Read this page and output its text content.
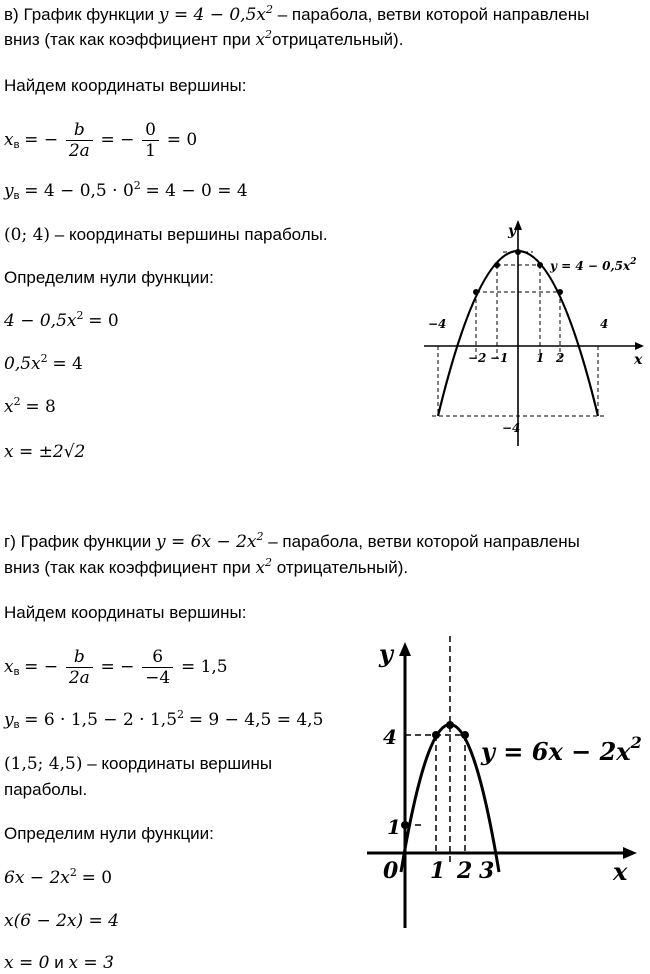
в) График функции $y = 4 - 0,5x^2$ – парабола, ветви которой направлены
вниз (так как коэффициент при $x^2отрицательный$).
Найдем координаты вершины:
$x_в$ = − $\frac{b}{2a}$ = − $\frac{0}{1} = 0$
$y_в = 4 - 0,5 \cdot 0^2 = 4 - 0 = 4$
(0; 4) – координаты вершины параболы.
Определим нули функции:
$4 - 0,5x^2 = 0$
$0,5x^2 = 4$
$x^2 = 8$
x = ±2√2
y
x
$y = 4 - 0,5x^2$
−4	4
−2 −1 1 2
−4
г) График функции $y = 6x - 2x^2$ – парабола, ветви которой направлены
вниз (так как коэффициент при $x^2$ отрицательный).
Найдем координаты вершины:
$x_в$ = − $\frac{b}{2a}$ = − $\frac{6}{-4} = 1,5$
$y_в = 6 \cdot 1,5 - 2 \cdot 1,5^2 = 9 - 4,5 = 4,5$
(1,5; 4,5) – координаты вершины
параболы.
Определим нули функции:
$6x - 2x^2 = 0$
x(6 − 2x) = 4
x = 0 и x = 3
y
x
$y = 6x - 2x^2$
4
1
0 1 2 3
